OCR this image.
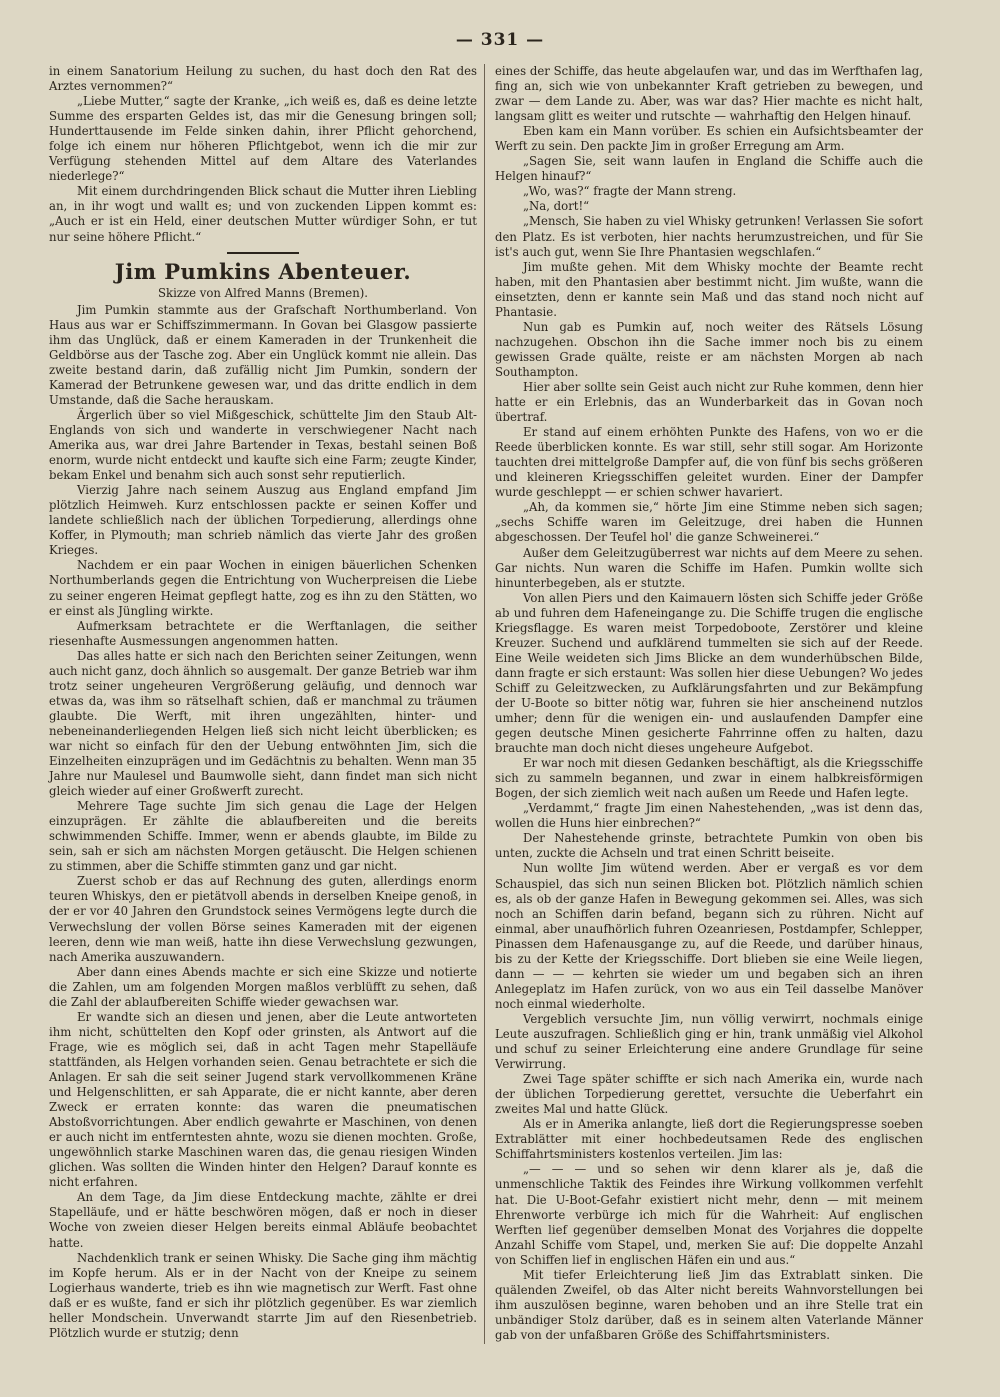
— 331 —

in einem Sanatorium Heilung zu suchen, du hast doch den Rat des Arztes vernommen?“

„Liebe Mutter,“ sagte der Kranke, „ich weiß es, daß es deine letzte Summe des ersparten Geldes ist, das mir die Genesung bringen soll; Hunderttausende im Felde sinken dahin, ihrer Pflicht gehorchend, folge ich einem nur höheren Pflichtgebot, wenn ich die mir zur Verfügung stehenden Mittel auf dem Altare des Vaterlandes niederlege?“

Mit einem durchdringenden Blick schaut die Mutter ihren Liebling an, in ihr wogt und wallt es; und von zuckenden Lippen kommt es: „Auch er ist ein Held, einer deutschen Mutter würdiger Sohn, er tut nur seine höhere Pflicht.“

Jim Pumkins Abenteuer.
Skizze von Alfred Manns (Bremen).

Jim Pumkin stammte aus der Grafschaft Northumberland. Von Haus aus war er Schiffszimmermann. In Govan bei Glasgow passierte ihm das Unglück, daß er einem Kameraden in der Trunkenheit die Geldbörse aus der Tasche zog. Aber ein Unglück kommt nie allein. Das zweite bestand darin, daß zufällig nicht Jim Pumkin, sondern der Kamerad der Betrunkene gewesen war, und das dritte endlich in dem Umstande, daß die Sache herauskam.

Ärgerlich über so viel Mißgeschick, schüttelte Jim den Staub Alt-Englands von sich und wanderte in verschwiegener Nacht nach Amerika aus, war drei Jahre Bartender in Texas, bestahl seinen Boß enorm, wurde nicht entdeckt und kaufte sich eine Farm; zeugte Kinder, bekam Enkel und benahm sich auch sonst sehr reputierlich.

Vierzig Jahre nach seinem Auszug aus England empfand Jim plötzlich Heimweh. Kurz entschlossen packte er seinen Koffer und landete schließlich nach der üblichen Torpedierung, allerdings ohne Koffer, in Plymouth; man schrieb nämlich das vierte Jahr des großen Krieges.

Nachdem er ein paar Wochen in einigen bäuerlichen Schenken Northumberlands gegen die Entrichtung von Wucherpreisen die Liebe zu seiner engeren Heimat gepflegt hatte, zog es ihn zu den Stätten, wo er einst als Jüngling wirkte.

Aufmerksam betrachtete er die Werftanlagen, die seither riesenhafte Ausmessungen angenommen hatten.

Das alles hatte er sich nach den Berichten seiner Zeitungen, wenn auch nicht ganz, doch ähnlich so ausgemalt. Der ganze Betrieb war ihm trotz seiner ungeheuren Vergrößerung geläufig, und dennoch war etwas da, was ihm so rätselhaft schien, daß er manchmal zu träumen glaubte. Die Werft, mit ihren ungezählten, hinter- und nebeneinanderliegenden Helgen ließ sich nicht leicht überblicken; es war nicht so einfach für den der Uebung entwöhnten Jim, sich die Einzelheiten einzuprägen und im Gedächtnis zu behalten. Wenn man 35 Jahre nur Maulesel und Baumwolle sieht, dann findet man sich nicht gleich wieder auf einer Großwerft zurecht.

Mehrere Tage suchte Jim sich genau die Lage der Helgen einzuprägen. Er zählte die ablaufbereiten und die bereits schwimmenden Schiffe. Immer, wenn er abends glaubte, im Bilde zu sein, sah er sich am nächsten Morgen getäuscht. Die Helgen schienen zu stimmen, aber die Schiffe stimmten ganz und gar nicht.

Zuerst schob er das auf Rechnung des guten, allerdings enorm teuren Whiskys, den er pietätvoll abends in derselben Kneipe genoß, in der er vor 40 Jahren den Grundstock seines Vermögens legte durch die Verwechslung der vollen Börse seines Kameraden mit der eigenen leeren, denn wie man weiß, hatte ihn diese Verwechslung gezwungen, nach Amerika auszuwandern.

Aber dann eines Abends machte er sich eine Skizze und notierte die Zahlen, um am folgenden Morgen maßlos verblüfft zu sehen, daß die Zahl der ablaufbereiten Schiffe wieder gewachsen war.

Er wandte sich an diesen und jenen, aber die Leute antworteten ihm nicht, schüttelten den Kopf oder grinsten, als Antwort auf die Frage, wie es möglich sei, daß in acht Tagen mehr Stapelläufe stattfänden, als Helgen vorhanden seien. Genau betrachtete er sich die Anlagen. Er sah die seit seiner Jugend stark vervollkommenen Kräne und Helgenschlitten, er sah Apparate, die er nicht kannte, aber deren Zweck er erraten konnte: das waren die pneumatischen Abstoßvorrichtungen. Aber endlich gewahrte er Maschinen, von denen er auch nicht im entferntesten ahnte, wozu sie dienen mochten. Große, ungewöhnlich starke Maschinen waren das, die genau riesigen Winden glichen. Was sollten die Winden hinter den Helgen? Darauf konnte es nicht erfahren.

An dem Tage, da Jim diese Entdeckung machte, zählte er drei Stapelläufe, und er hätte beschwören mögen, daß er noch in dieser Woche von zweien dieser Helgen bereits einmal Abläufe beobachtet hatte.

Nachdenklich trank er seinen Whisky. Die Sache ging ihm mächtig im Kopfe herum. Als er in der Nacht von der Kneipe zu seinem Logierhaus wanderte, trieb es ihn wie magnetisch zur Werft. Fast ohne daß er es wußte, fand er sich ihr plötzlich gegenüber. Es war ziemlich heller Mondschein. Unverwandt starrte Jim auf den Riesenbetrieb. Plötzlich wurde er stutzig; denn

eines der Schiffe, das heute abgelaufen war, und das im Werfthafen lag, fing an, sich wie von unbekannter Kraft getrieben zu bewegen, und zwar — dem Lande zu. Aber, was war das? Hier machte es nicht halt, langsam glitt es weiter und rutschte — wahrhaftig den Helgen hinauf.

Eben kam ein Mann vorüber. Es schien ein Aufsichtsbeamter der Werft zu sein. Den packte Jim in großer Erregung am Arm.

„Sagen Sie, seit wann laufen in England die Schiffe auch die Helgen hinauf?“

„Wo, was?“ fragte der Mann streng.

„Na, dort!“

„Mensch, Sie haben zu viel Whisky getrunken! Verlassen Sie sofort den Platz. Es ist verboten, hier nachts herumzustreichen, und für Sie ist's auch gut, wenn Sie Ihre Phantasien wegschlafen.“

Jim mußte gehen. Mit dem Whisky mochte der Beamte recht haben, mit den Phantasien aber bestimmt nicht. Jim wußte, wann die einsetzten, denn er kannte sein Maß und das stand noch nicht auf Phantasie.

Nun gab es Pumkin auf, noch weiter des Rätsels Lösung nachzugehen. Obschon ihn die Sache immer noch bis zu einem gewissen Grade quälte, reiste er am nächsten Morgen ab nach Southampton.

Hier aber sollte sein Geist auch nicht zur Ruhe kommen, denn hier hatte er ein Erlebnis, das an Wunderbarkeit das in Govan noch übertraf.

Er stand auf einem erhöhten Punkte des Hafens, von wo er die Reede überblicken konnte. Es war still, sehr still sogar. Am Horizonte tauchten drei mittelgroße Dampfer auf, die von fünf bis sechs größeren und kleineren Kriegsschiffen geleitet wurden. Einer der Dampfer wurde geschleppt — er schien schwer havariert.

„Ah, da kommen sie,“ hörte Jim eine Stimme neben sich sagen; „sechs Schiffe waren im Geleitzuge, drei haben die Hunnen abgeschossen. Der Teufel hol' die ganze Schweinerei.“

Außer dem Geleitzugüberrest war nichts auf dem Meere zu sehen. Gar nichts. Nun waren die Schiffe im Hafen. Pumkin wollte sich hinunterbegeben, als er stutzte.

Von allen Piers und den Kaimauern lösten sich Schiffe jeder Größe ab und fuhren dem Hafeneingange zu. Die Schiffe trugen die englische Kriegsflagge. Es waren meist Torpedoboote, Zerstörer und kleine Kreuzer. Suchend und aufklärend tummelten sie sich auf der Reede. Eine Weile weideten sich Jims Blicke an dem wunderhübschen Bilde, dann fragte er sich erstaunt: Was sollen hier diese Uebungen? Wo jedes Schiff zu Geleitzwecken, zu Aufklärungsfahrten und zur Bekämpfung der U-Boote so bitter nötig war, fuhren sie hier anscheinend nutzlos umher; denn für die wenigen ein- und auslaufenden Dampfer eine gegen deutsche Minen gesicherte Fahrrinne offen zu halten, dazu brauchte man doch nicht dieses ungeheure Aufgebot.

Er war noch mit diesen Gedanken beschäftigt, als die Kriegsschiffe sich zu sammeln begannen, und zwar in einem halbkreisförmigen Bogen, der sich ziemlich weit nach außen um Reede und Hafen legte.

„Verdammt,“ fragte Jim einen Nahestehenden, „was ist denn das, wollen die Huns hier einbrechen?“

Der Nahestehende grinste, betrachtete Pumkin von oben bis unten, zuckte die Achseln und trat einen Schritt beiseite.

Nun wollte Jim wütend werden. Aber er vergaß es vor dem Schauspiel, das sich nun seinen Blicken bot. Plötzlich nämlich schien es, als ob der ganze Hafen in Bewegung gekommen sei. Alles, was sich noch an Schiffen darin befand, begann sich zu rühren. Nicht auf einmal, aber unaufhörlich fuhren Ozeanriesen, Postdampfer, Schlepper, Pinassen dem Hafenausgange zu, auf die Reede, und darüber hinaus, bis zu der Kette der Kriegsschiffe. Dort blieben sie eine Weile liegen, dann — — — kehrten sie wieder um und begaben sich an ihren Anlegeplatz im Hafen zurück, von wo aus ein Teil dasselbe Manöver noch einmal wiederholte.

Vergeblich versuchte Jim, nun völlig verwirrt, nochmals einige Leute auszufragen. Schließlich ging er hin, trank unmäßig viel Alkohol und schuf zu seiner Erleichterung eine andere Grundlage für seine Verwirrung.

Zwei Tage später schiffte er sich nach Amerika ein, wurde nach der üblichen Torpedierung gerettet, versuchte die Ueberfahrt ein zweites Mal und hatte Glück.

Als er in Amerika anlangte, ließ dort die Regierungspresse soeben Extrablätter mit einer hochbedeutsamen Rede des englischen Schiffahrtsministers kostenlos verteilen. Jim las:

„— — — und so sehen wir denn klarer als je, daß die unmenschliche Taktik des Feindes ihre Wirkung vollkommen verfehlt hat. Die U-Boot-Gefahr existiert nicht mehr, denn — mit meinem Ehrenworte verbürge ich mich für die Wahrheit: Auf englischen Werften lief gegenüber demselben Monat des Vorjahres die doppelte Anzahl Schiffe vom Stapel, und, merken Sie auf: Die doppelte Anzahl von Schiffen lief in englischen Häfen ein und aus.“

Mit tiefer Erleichterung ließ Jim das Extrablatt sinken. Die quälenden Zweifel, ob das Alter nicht bereits Wahnvorstellungen bei ihm auszulösen beginne, waren behoben und an ihre Stelle trat ein unbändiger Stolz darüber, daß es in seinem alten Vaterlande Männer gab von der unfaßbaren Größe des Schiffahrtsministers.
